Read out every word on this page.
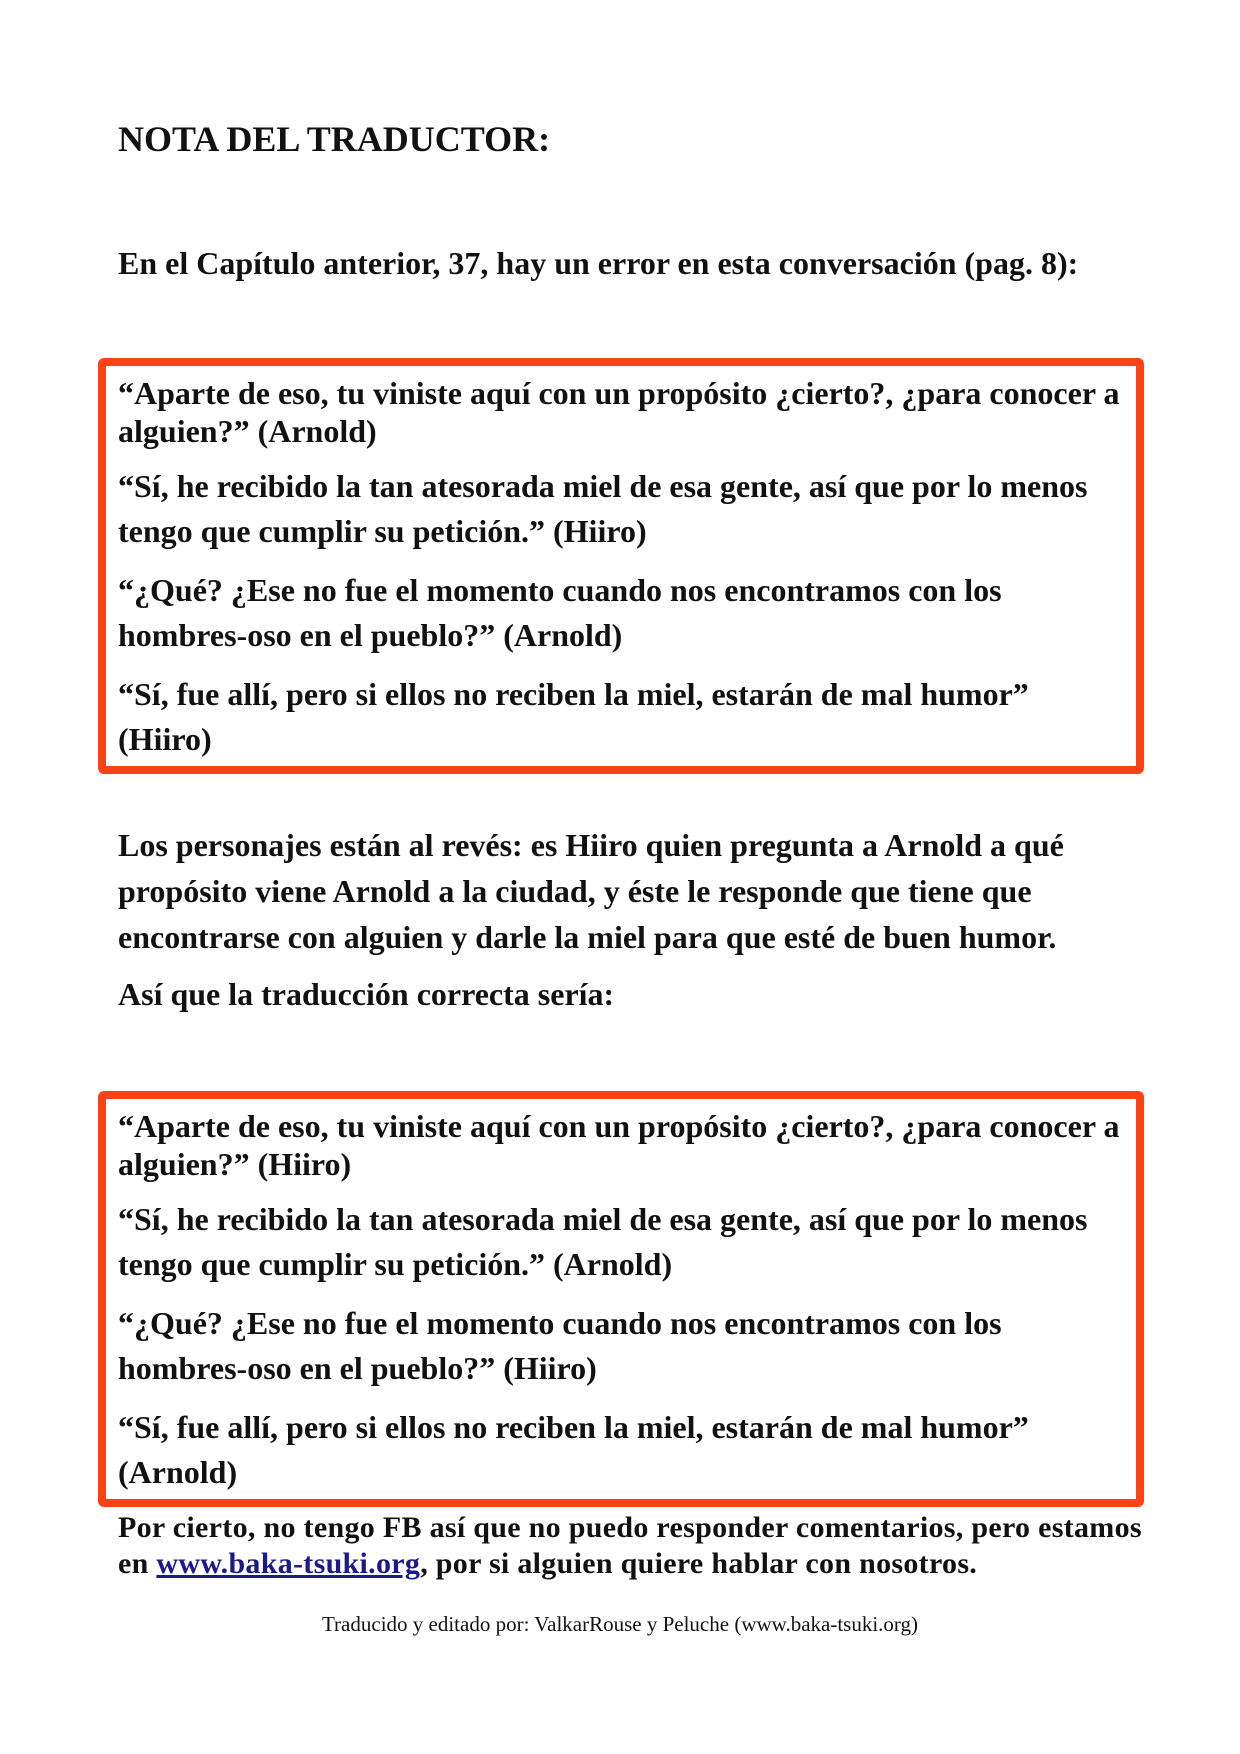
NOTA DEL TRADUCTOR:

En el Capítulo anterior, 37, hay un error en esta conversación (pag. 8):

“Aparte de eso, tu viniste aquí con un propósito ¿cierto?, ¿para conocer a alguien?” (Arnold)

“Sí, he recibido la tan atesorada miel de esa gente, así que por lo menos tengo que cumplir su petición.” (Hiiro)

“¿Qué? ¿Ese no fue el momento cuando nos encontramos con los hombres-oso en el pueblo?” (Arnold)

“Sí, fue allí, pero si ellos no reciben la miel, estarán de mal humor” (Hiiro)

Los personajes están al revés: es Hiiro quien pregunta a Arnold a qué propósito viene Arnold a la ciudad, y éste le responde que tiene que encontrarse con alguien y darle la miel para que esté de buen humor.

Así que la traducción correcta sería:

“Aparte de eso, tu viniste aquí con un propósito ¿cierto?, ¿para conocer a alguien?” (Hiiro)

“Sí, he recibido la tan atesorada miel de esa gente, así que por lo menos tengo que cumplir su petición.” (Arnold)

“¿Qué? ¿Ese no fue el momento cuando nos encontramos con los hombres-oso en el pueblo?” (Hiiro)

“Sí, fue allí, pero si ellos no reciben la miel, estarán de mal humor” (Arnold)

Por cierto, no tengo FB así que no puedo responder comentarios, pero estamos en www.baka-tsuki.org, por si alguien quiere hablar con nosotros.

Traducido y editado por: ValkarRouse y Peluche (www.baka-tsuki.org)
